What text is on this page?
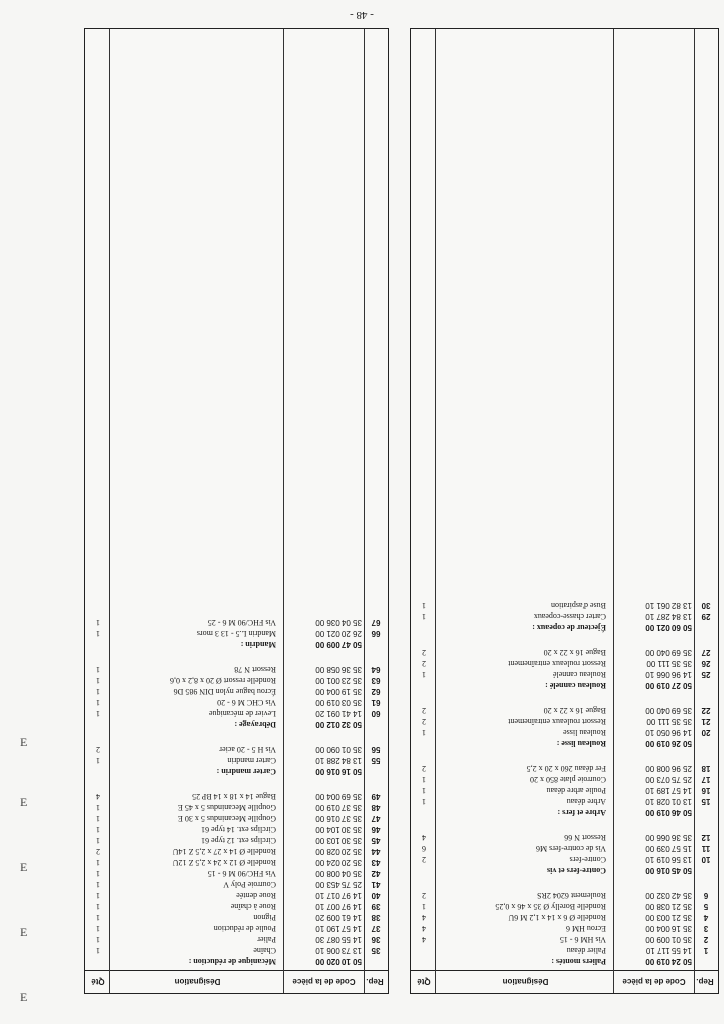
- 48 -
Rep.
Code de la pièce
Désignation
Qté
50 24 019 00
Paliers montés :
1
14 55 117 10
Palier déaau
2
35 01 009 00
Vis HM 6 - 15
4
3
35 16 004 00
Ecrou HM 6
4
4
35 21 003 00
Rondelle Ø 6 x 14 x 1,2 M 6U
4
5
35 21 038 00
Rondelle Borelly Ø 35 x 46 x 0,25
1
6
35 42 032 00
Roulement 6204 2RS
2
50 45 016 00
Contre-fers et vis
10
13 56 019 10
Contre-fers
2
11
15 57 039 00
Vis de contre-fers M6
6
12
35 36 066 00
Ressort N 66
4
50 46 019 00
Arbre et fers :
15
13 01 028 10
Arbre déaau
1
16
14 57 189 10
Poulie arbre déaau
1
17
25 75 073 00
Courroie plate 850 x 20
1
18
25 96 008 00
Fer déaau 260 x 20 x 2,5
2
50 26 019 00
Rouleau lisse :
20
14 96 050 10
Rouleau lisse
1
21
35 35 111 00
Ressort rouleaux entraînement
2
22
35 69 040 00
Bague 16 x 22 x 20
2
50 27 019 00
Rouleau cannelé :
25
14 96 066 10
Rouleau cannelé
1
26
35 35 111 00
Ressort rouleaux entraînement
2
27
35 69 040 00
Bague 16 x 22 x 20
2
50 60 021 00
Éjecteur de copeaux :
29
13 84 287 10
Carter chasse-copeaux
1
30
13 82 061 10
Buse d'aspiration
1
Rep.
Code de la pièce
Désignation
Qté
50 10 020 00
Mécanique de réduction :
35
13 73 006 10
Chaîne
1
36
14 55 087 30
Palier
1
37
14 57 190 10
Poulie de réduction
1
38
14 61 009 20
Pignon
1
39
14 97 007 10
Roue à chaîne
1
40
14 97 017 10
Roue dentée
1
41
25 75 453 00
Courroie Poly V
1
42
35 04 008 00
Vis FHC/90 M 6 - 15
1
43
35 20 024 00
Rondelle Ø 12 x 24 x 2,5 Z 12U
1
44
35 20 028 00
Rondelle Ø 14 x 27 x 2,5 Z 14U
2
45
35 30 103 00
Circlips ext. 12 type 61
1
46
35 30 104 00
Circlips ext. 14 type 61
1
47
35 37 016 00
Goupille Mecanindus 5 x 30 E
1
48
35 37 019 00
Goupille Mecanindus 5 x 45 E
1
49
35 69 004 00
Bague 14 x 18 x 14 BP 25
4
50 16 016 00
Carter mandrin :
55
13 84 288 10
Carter mandrin
1
56
35 01 090 00
Vis H 5 - 20 acier
2
50 32 012 00
Débrayage :
60
14 41 091 20
Levier de mécanique
1
61
35 03 019 00
Vis CHC M 6 - 20
1
62
35 19 004 00
Écrou bague nylon DIN 985 D6
1
63
35 23 001 00
Rondelle ressort Ø 20 x 8,2 x 0,6
1
64
35 36 058 00
Ressort N 78
1
50 47 009 00
Mandrin :
66
26 20 021 00
Mandrin L.5 - 13 3 mors
1
67
35 04 036 00
Vis FHC/90 M 6 - 25
1
E
E
E
E
E
